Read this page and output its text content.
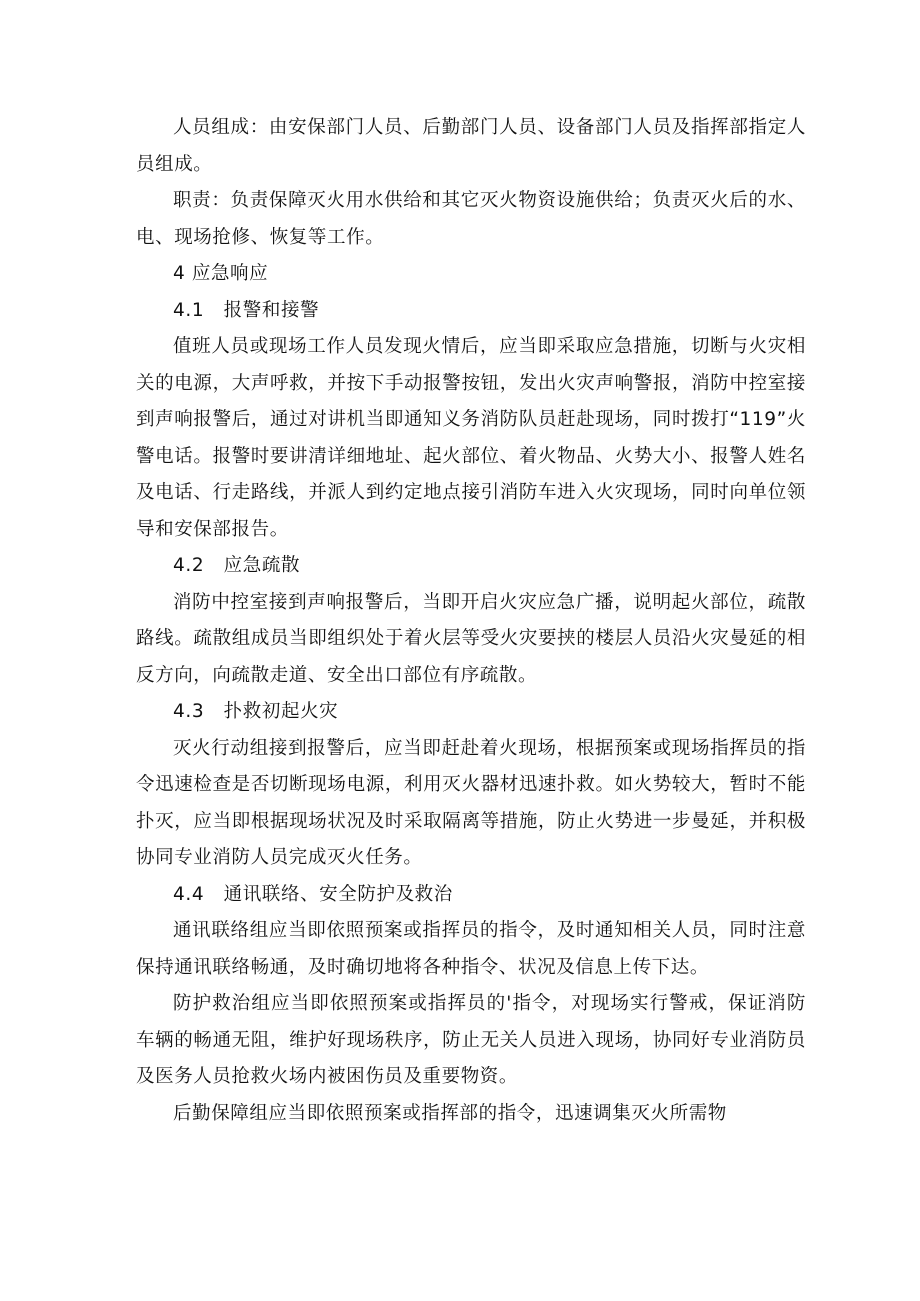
人员组成：由安保部门人员、后勤部门人员、设备部门人员及指挥部指定人员组成。

职责：负责保障灭火用水供给和其它灭火物资设施供给；负责灭火后的水、电、现场抢修、恢复等工作。

4 应急响应

4.1   报警和接警

值班人员或现场工作人员发现火情后，应当即采取应急措施，切断与火灾相关的电源，大声呼救，并按下手动报警按钮，发出火灾声响警报，消防中控室接到声响报警后，通过对讲机当即通知义务消防队员赶赴现场，同时拨打“119”火警电话。报警时要讲清详细地址、起火部位、着火物品、火势大小、报警人姓名及电话、行走路线，并派人到约定地点接引消防车进入火灾现场，同时向单位领导和安保部报告。

4.2   应急疏散

消防中控室接到声响报警后，当即开启火灾应急广播，说明起火部位，疏散路线。疏散组成员当即组织处于着火层等受火灾要挟的楼层人员沿火灾曼延的相反方向，向疏散走道、安全出口部位有序疏散。

4.3   扑救初起火灾

灭火行动组接到报警后，应当即赶赴着火现场，根据预案或现场指挥员的指令迅速检查是否切断现场电源，利用灭火器材迅速扑救。如火势较大，暂时不能扑灭，应当即根据现场状况及时采取隔离等措施，防止火势进一步曼延，并积极协同专业消防人员完成灭火任务。

4.4   通讯联络、安全防护及救治

通讯联络组应当即依照预案或指挥员的指令，及时通知相关人员，同时注意保持通讯联络畅通，及时确切地将各种指令、状况及信息上传下达。

防护救治组应当即依照预案或指挥员的'指令，对现场实行警戒，保证消防车辆的畅通无阻，维护好现场秩序，防止无关人员进入现场，协同好专业消防员及医务人员抢救火场内被困伤员及重要物资。

后勤保障组应当即依照预案或指挥部的指令，迅速调集灭火所需物
